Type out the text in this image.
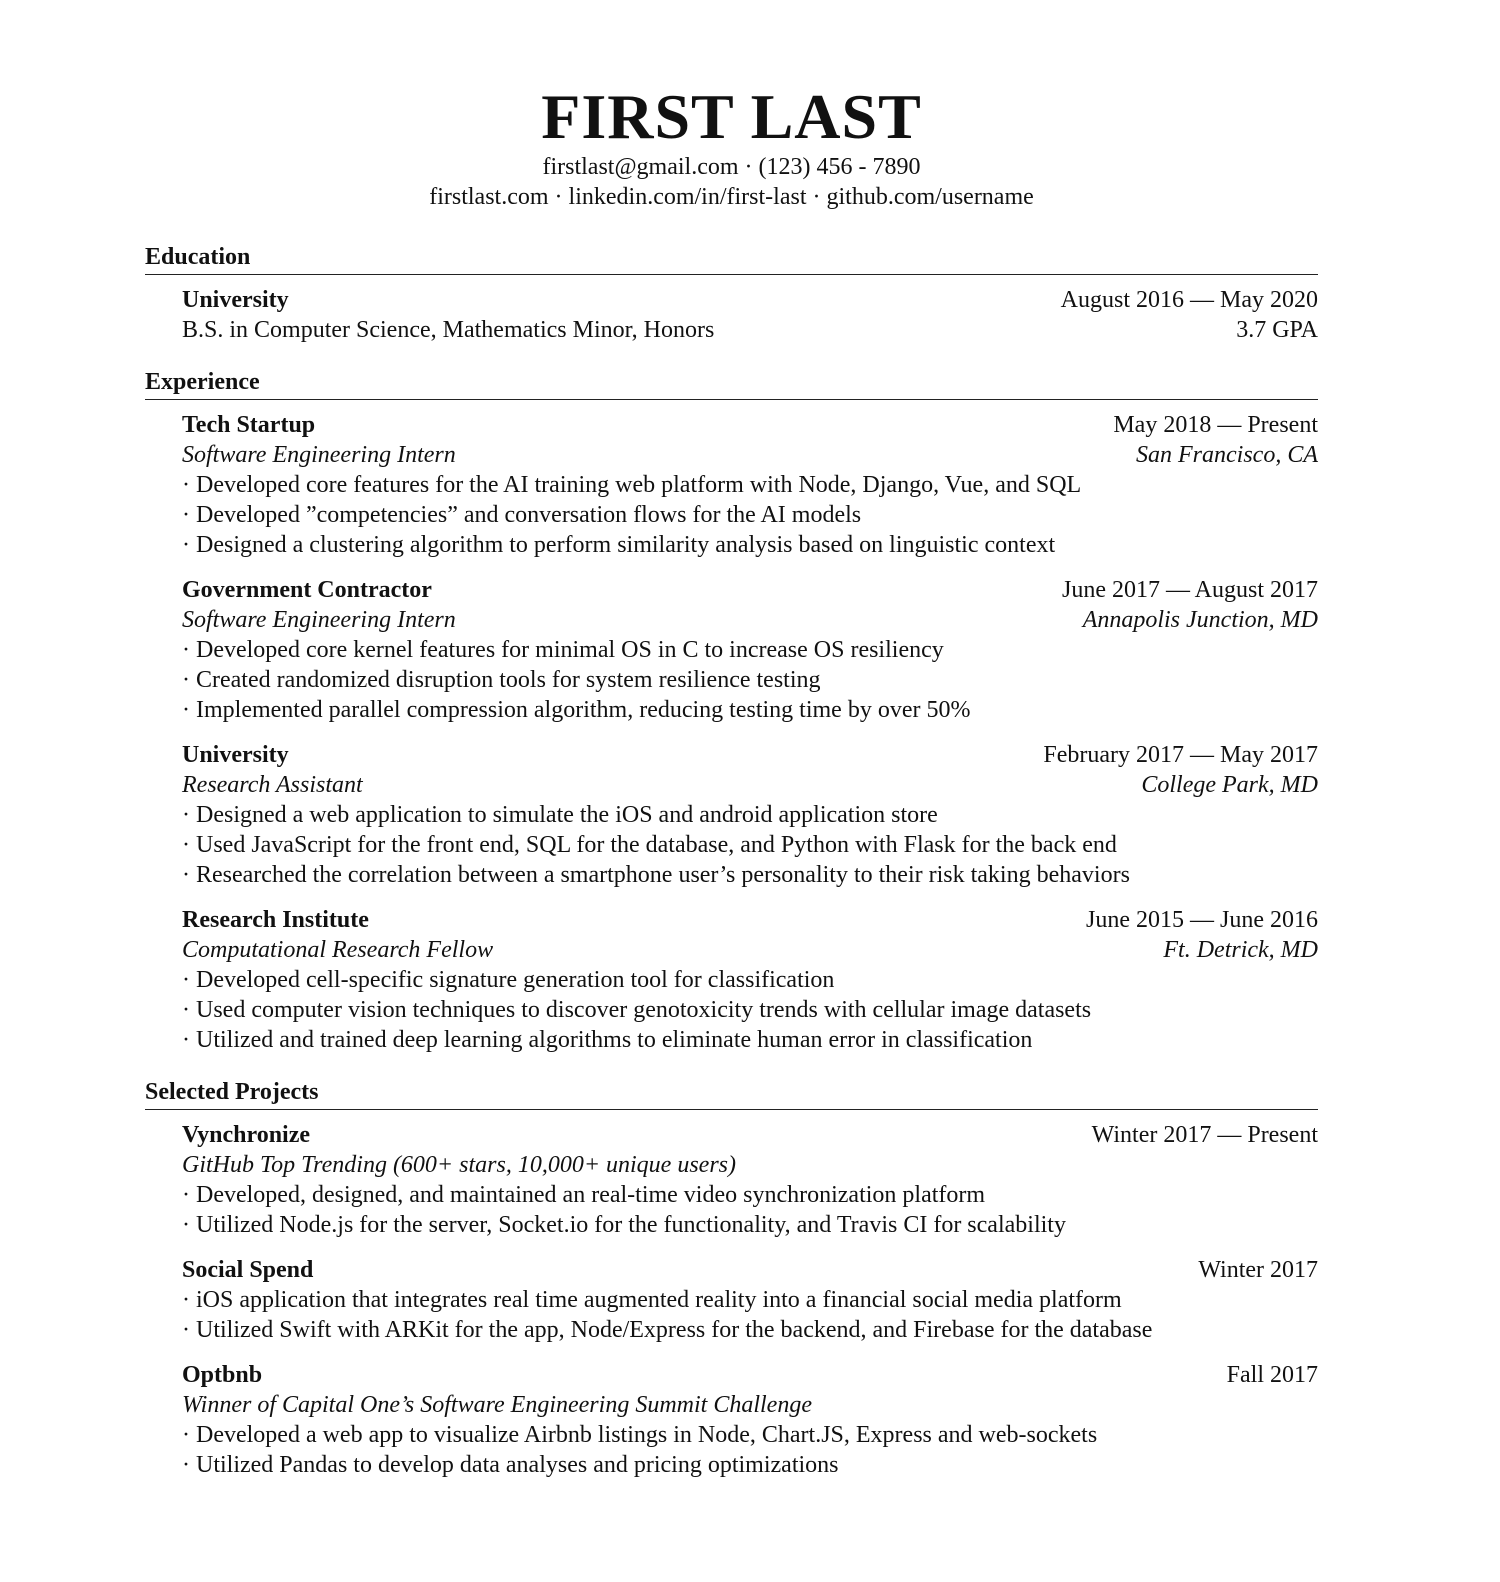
FIRST LAST
firstlast@gmail.com · (123) 456 - 7890
firstlast.com · linkedin.com/in/first-last · github.com/username
Education
University	August 2016 — May 2020
B.S. in Computer Science, Mathematics Minor, Honors	3.7 GPA
Experience
Tech Startup	May 2018 — Present
Software Engineering Intern	San Francisco, CA
· Developed core features for the AI training web platform with Node, Django, Vue, and SQL
· Developed ”competencies” and conversation flows for the AI models
· Designed a clustering algorithm to perform similarity analysis based on linguistic context
Government Contractor	June 2017 — August 2017
Software Engineering Intern	Annapolis Junction, MD
· Developed core kernel features for minimal OS in C to increase OS resiliency
· Created randomized disruption tools for system resilience testing
· Implemented parallel compression algorithm, reducing testing time by over 50%
University	February 2017 — May 2017
Research Assistant	College Park, MD
· Designed a web application to simulate the iOS and android application store
· Used JavaScript for the front end, SQL for the database, and Python with Flask for the back end
· Researched the correlation between a smartphone user’s personality to their risk taking behaviors
Research Institute	June 2015 — June 2016
Computational Research Fellow	Ft. Detrick, MD
· Developed cell-specific signature generation tool for classification
· Used computer vision techniques to discover genotoxicity trends with cellular image datasets
· Utilized and trained deep learning algorithms to eliminate human error in classification
Selected Projects
Vynchronize	Winter 2017 — Present
GitHub Top Trending (600+ stars, 10,000+ unique users)
· Developed, designed, and maintained an real-time video synchronization platform
· Utilized Node.js for the server, Socket.io for the functionality, and Travis CI for scalability
Social Spend	Winter 2017
· iOS application that integrates real time augmented reality into a financial social media platform
· Utilized Swift with ARKit for the app, Node/Express for the backend, and Firebase for the database
Optbnb	Fall 2017
Winner of Capital One’s Software Engineering Summit Challenge
· Developed a web app to visualize Airbnb listings in Node, Chart.JS, Express and web-sockets
· Utilized Pandas to develop data analyses and pricing optimizations
